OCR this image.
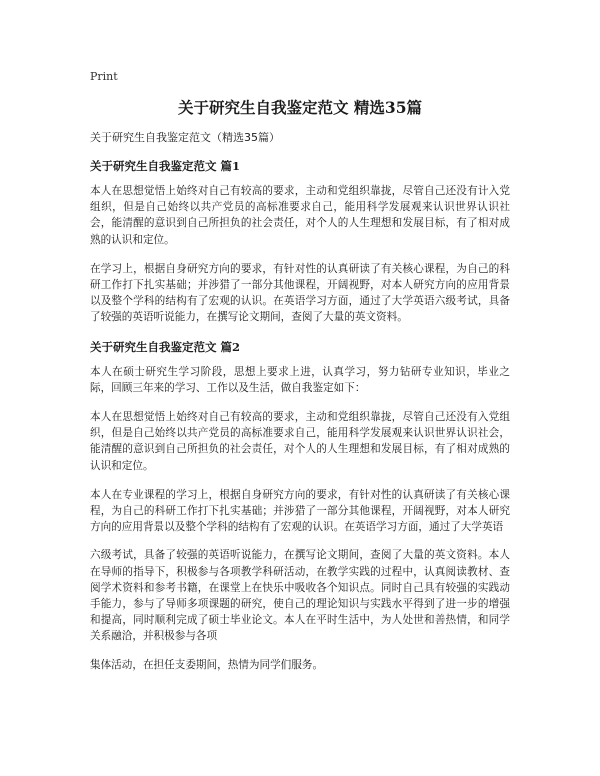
Print
关于研究生自我鉴定范文 精选35篇
关于研究生自我鉴定范文（精选35篇）
关于研究生自我鉴定范文 篇1

本人在思想觉悟上始终对自己有较高的要求，主动和党组织靠拢，尽管自己还没有计入党组织，但是自己始终以共产党员的高标准要求自己，能用科学发展观来认识世界认识社会，能清醒的意识到自己所担负的社会责任，对个人的人生理想和发展目标，有了相对成熟的认识和定位。

在学习上，根据自身研究方向的要求，有针对性的认真研读了有关核心课程，为自己的科研工作打下扎实基础；并涉猎了一部分其他课程，开阔视野，对本人研究方向的应用背景以及整个学科的结构有了宏观的认识。在英语学习方面，通过了大学英语六级考试，具备了较强的英语听说能力，在撰写论文期间，查阅了大量的英文资料。

关于研究生自我鉴定范文 篇2

本人在硕士研究生学习阶段，思想上要求上进，认真学习，努力钻研专业知识，毕业之际，回顾三年来的学习、工作以及生活，做自我鉴定如下：

本人在思想觉悟上始终对自己有较高的要求，主动和党组织靠拢，尽管自己还没有入党组织，但是自己始终以共产党员的高标准要求自己，能用科学发展观来认识世界认识社会，能清醒的意识到自己所担负的社会责任，对个人的人生理想和发展目标，有了相对成熟的认识和定位。

本人在专业课程的学习上，根据自身研究方向的要求，有针对性的认真研读了有关核心课程，为自己的科研工作打下扎实基础；并涉猎了一部分其他课程，开阔视野，对本人研究方向的应用背景以及整个学科的结构有了宏观的认识。在英语学习方面，通过了大学英语

六级考试，具备了较强的英语听说能力，在撰写论文期间，查阅了大量的英文资料。本人在导师的指导下，积极参与各项教学科研活动，在教学实践的过程中，认真阅读教材、查阅学术资料和参考书籍，在课堂上在快乐中吸收各个知识点。同时自己具有较强的实践动手能力，参与了导师多项课题的研究，使自己的理论知识与实践水平得到了进一步的增强和提高，同时顺利完成了硕士毕业论文。本人在平时生活中，为人处世和善热情，和同学关系融洽，并积极参与各项

集体活动，在担任支委期间，热情为同学们服务。
